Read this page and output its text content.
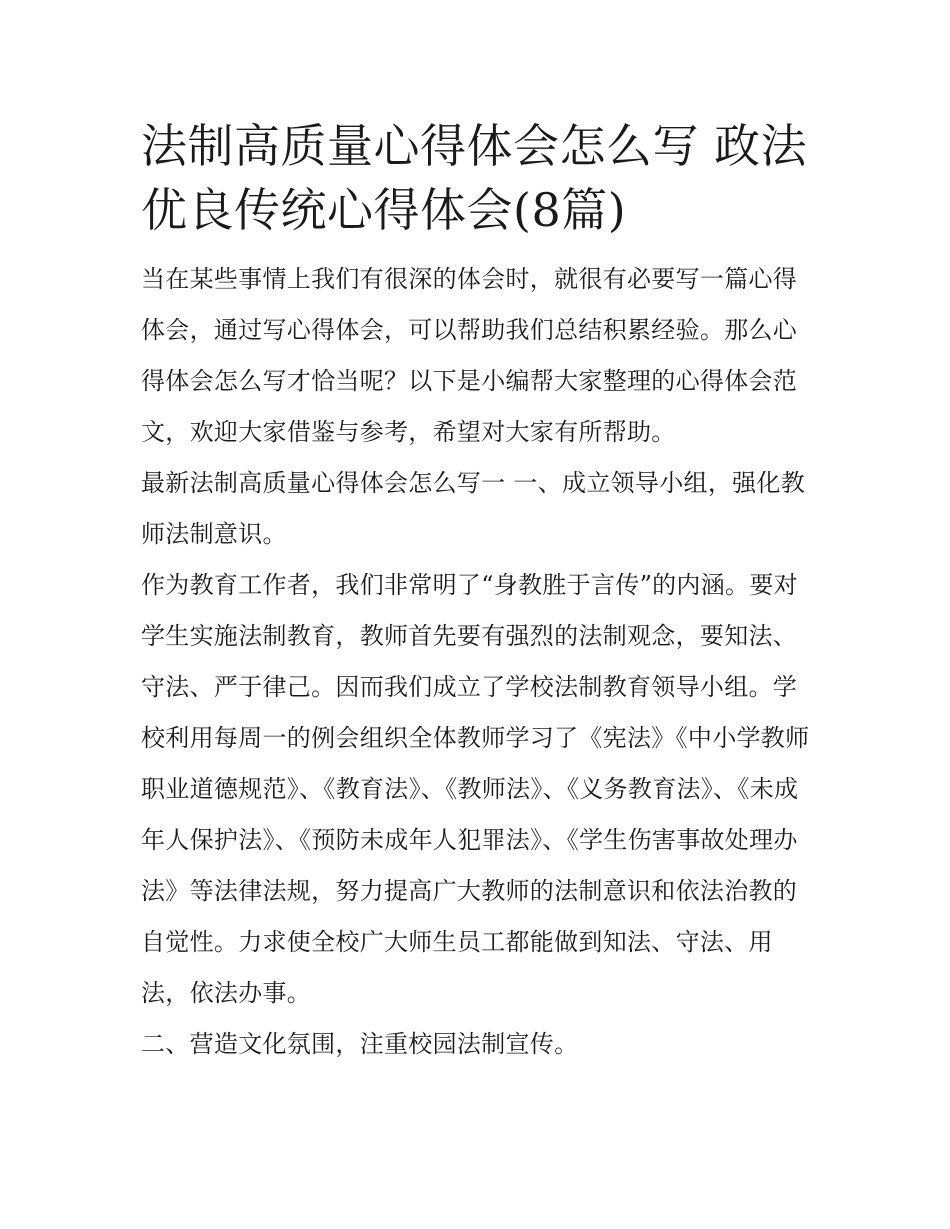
法制高质量心得体会怎么写 政法优良传统心得体会(8篇)

当在某些事情上我们有很深的体会时，就很有必要写一篇心得体会，通过写心得体会，可以帮助我们总结积累经验。那么心得体会怎么写才恰当呢？以下是小编帮大家整理的心得体会范文，欢迎大家借鉴与参考，希望对大家有所帮助。

最新法制高质量心得体会怎么写一 一、成立领导小组，强化教师法制意识。

作为教育工作者，我们非常明了“身教胜于言传”的内涵。要对学生实施法制教育，教师首先要有强烈的法制观念，要知法、守法、严于律己。因而我们成立了学校法制教育领导小组。学校利用每周一的例会组织全体教师学习了《宪法》《中小学教师职业道德规范》、《教育法》、《教师法》、《义务教育法》、《未成年人保护法》、《预防未成年人犯罪法》、《学生伤害事故处理办法》等法律法规，努力提高广大教师的法制意识和依法治教的自觉性。力求使全校广大师生员工都能做到知法、守法、用法，依法办事。

二、营造文化氛围，注重校园法制宣传。
